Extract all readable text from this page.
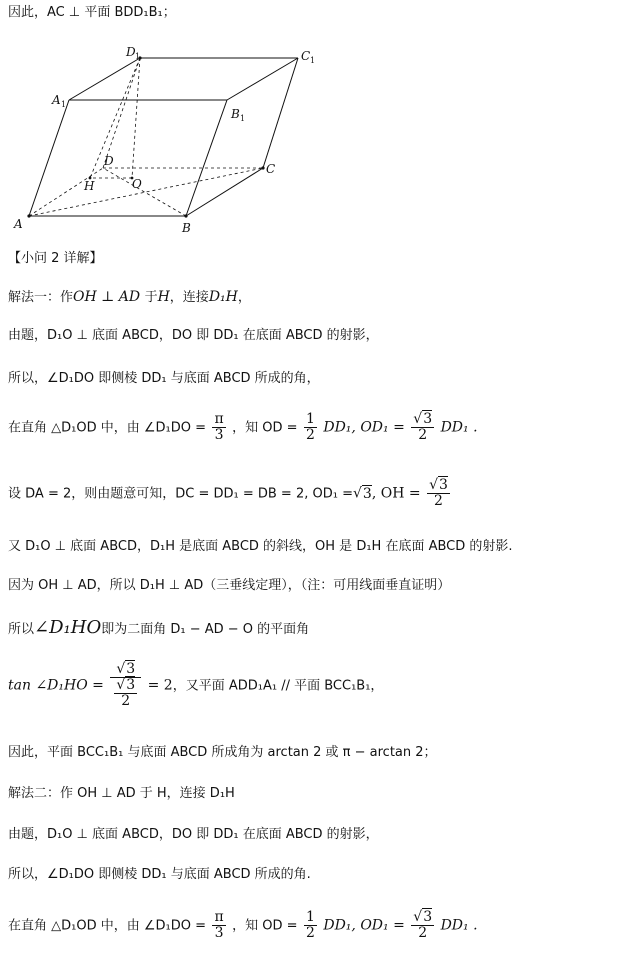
因此，AC ⊥ 平面 BDD₁B₁；
A	B
C
D
O
H
A 1
B 1
C 1
D 1
【小问 2 详解】
解法一：作OH ⊥ AD 于H，连接D₁H，
由题，D₁O ⊥ 底面 ABCD，DO 即 DD₁ 在底面 ABCD 的射影，
所以，∠D₁DO 即侧棱 DD₁ 与底面 ABCD 所成的角，
在直角 △D₁OD 中，由 ∠D₁DO = $\frac{\pi}{3}$ ，知 OD = $\frac{1}{2} DD_1$, $OD_1 = \frac{√3}{2} DD_1$ .
设 DA = 2，则由题意可知，DC = DD₁ = DB = 2, OD₁ =√3, OH = $\frac{√3}{2}$
又 D₁O ⊥ 底面 ABCD，D₁H 是底面 ABCD 的斜线，OH 是 D₁H 在底面 ABCD 的射影.
因为 OH ⊥ AD，所以 D₁H ⊥ AD（三垂线定理），（注：可用线面垂直证明）
所以∠D₁HO即为二面角 D₁ − AD − O 的平面角
tan ∠D₁HO = $\frac{√3}{\frac{√3}{2}} = 2$，又平面 ADD₁A₁ // 平面 BCC₁B₁，
因此，平面 BCC₁B₁ 与底面 ABCD 所成角为 arctan 2 或 π − arctan 2；
解法二：作 OH ⊥ AD 于 H，连接 D₁H
由题，D₁O ⊥ 底面 ABCD，DO 即 DD₁ 在底面 ABCD 的射影，
所以，∠D₁DO 即侧棱 DD₁ 与底面 ABCD 所成的角.
在直角 △D₁OD 中，由 ∠D₁DO = $\frac{\pi}{3}$ ，知 OD = $\frac{1}{2} DD_1$, $OD_1 = \frac{√3}{2} DD_1$ .
